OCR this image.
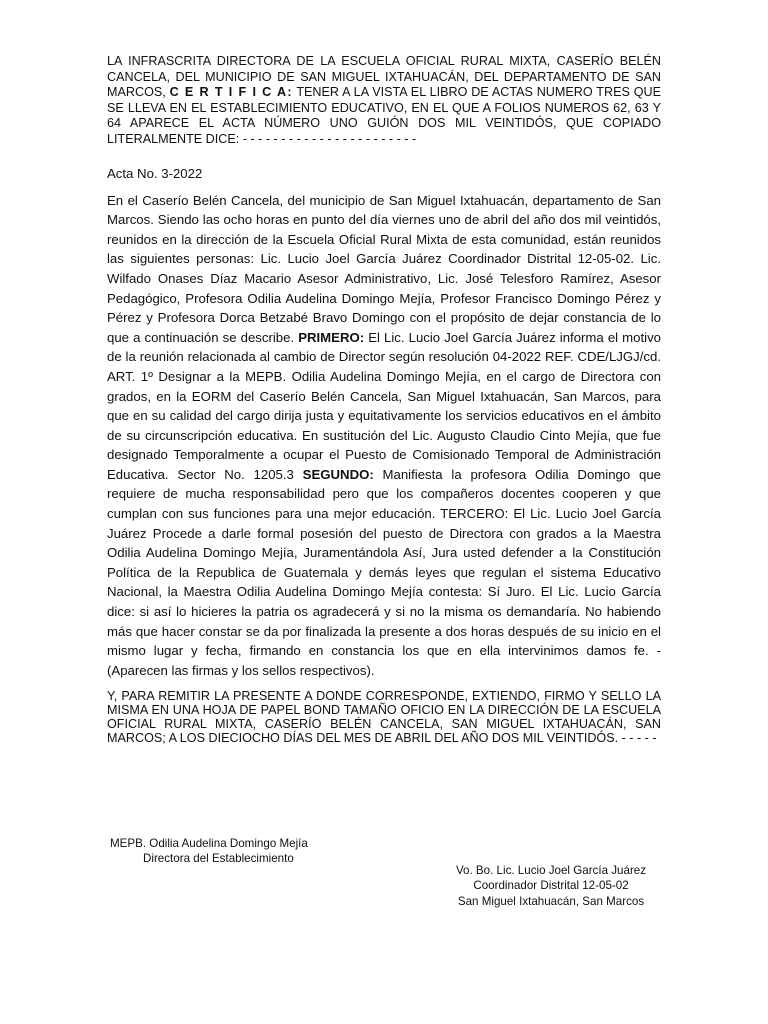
LA INFRASCRITA DIRECTORA DE LA ESCUELA OFICIAL RURAL MIXTA, CASERÍO BELÉN CANCELA, DEL MUNICIPIO DE SAN MIGUEL IXTAHUACÁN, DEL DEPARTAMENTO DE SAN MARCOS, C E R T I F I C A: TENER A LA VISTA EL LIBRO DE ACTAS NUMERO TRES QUE SE LLEVA EN EL ESTABLECIMIENTO EDUCATIVO, EN EL QUE A FOLIOS NUMEROS 62, 63 Y 64 APARECE EL ACTA NÚMERO UNO GUIÓN DOS MIL VEINTIDÓS, QUE COPIADO LITERALMENTE DICE: - - - - - - - - - - - - - - - - - - - - - - -

Acta No. 3-2022

En el Caserío Belén Cancela, del municipio de San Miguel Ixtahuacán, departamento de San Marcos. Siendo las ocho horas en punto del día viernes uno de abril del año dos mil veintidós, reunidos en la dirección de la Escuela Oficial Rural Mixta de esta comunidad, están reunidos las siguientes personas: Lic. Lucio Joel García Juárez Coordinador Distrital 12-05-02. Lic. Wilfado Onases Díaz Macario Asesor Administrativo, Lic. José Telesforo Ramírez, Asesor Pedagógico, Profesora Odilia Audelina Domingo Mejía, Profesor Francisco Domingo Pérez y Pérez y Profesora Dorca Betzabé Bravo Domingo con el propósito de dejar constancia de lo que a continuación se describe. PRIMERO: El Lic. Lucio Joel García Juárez informa el motivo de la reunión relacionada al cambio de Director según resolución 04-2022 REF. CDE/LJGJ/cd. ART. 1º Designar a la MEPB. Odilia Audelina Domingo Mejía, en el cargo de Directora con grados, en la EORM del Caserío Belén Cancela, San Miguel Ixtahuacán, San Marcos, para que en su calidad del cargo dirija justa y equitativamente los servicios educativos en el ámbito de su circunscripción educativa. En sustitución del Lic. Augusto Claudio Cinto Mejía, que fue designado Temporalmente a ocupar el Puesto de Comisionado Temporal de Administración Educativa. Sector No. 1205.3 SEGUNDO: Manifiesta la profesora Odilia Domingo que requiere de mucha responsabilidad pero que los compañeros docentes cooperen y que cumplan con sus funciones para una mejor educación. TERCERO: El Lic. Lucio Joel García Juárez Procede a darle formal posesión del puesto de Directora con grados a la Maestra Odilia Audelina Domingo Mejía, Juramentándola Así, Jura usted defender a la Constitución Política de la Republica de Guatemala y demás leyes que regulan el sistema Educativo Nacional, la Maestra Odilia Audelina Domingo Mejía contesta: Sí Juro. El Lic. Lucio García dice: si así lo hicieres la patria os agradecerá y si no la misma os demandaría. No habiendo más que hacer constar se da por finalizada la presente a dos horas después de su inicio en el mismo lugar y fecha, firmando en constancia los que en ella intervinimos damos fe. - (Aparecen las firmas y los sellos respectivos).

Y, PARA REMITIR LA PRESENTE A DONDE CORRESPONDE, EXTIENDO, FIRMO Y SELLO LA MISMA EN UNA HOJA DE PAPEL BOND TAMAÑO OFICIO EN LA DIRECCIÓN DE LA ESCUELA OFICIAL RURAL MIXTA, CASERÍO BELÉN CANCELA, SAN MIGUEL IXTAHUACÁN, SAN MARCOS; A LOS DIECIOCHO DÍAS DEL MES DE ABRIL DEL AÑO DOS MIL VEINTIDÓS. - - - - -

MEPB. Odilia Audelina Domingo Mejía
Directora del Establecimiento
Vo. Bo. Lic. Lucio Joel García Juárez
Coordinador Distrital 12-05-02
San Miguel Ixtahuacán, San Marcos
